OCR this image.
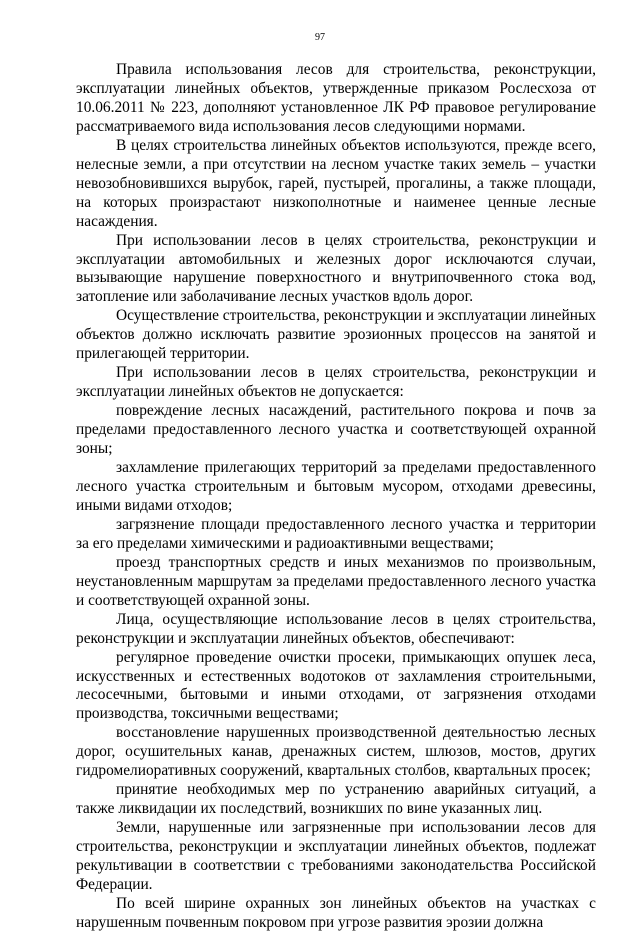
97

Правила использования лесов для строительства, реконструкции, эксплуатации линейных объектов, утвержденные приказом Рослесхоза от 10.06.2011 № 223, дополняют установленное ЛК РФ правовое регулирование рассматриваемого вида использования лесов следующими нормами.

В целях строительства линейных объектов используются, прежде всего, нелесные земли, а при отсутствии на лесном участке таких земель – участки невозобновившихся вырубок, гарей, пустырей, прогалины, а также площади, на которых произрастают низкополнотные и наименее ценные лесные насаждения.

При использовании лесов в целях строительства, реконструкции и эксплуатации автомобильных и железных дорог исключаются случаи, вызывающие нарушение поверхностного и внутрипочвенного стока вод, затопление или заболачивание лесных участков вдоль дорог.

Осуществление строительства, реконструкции и эксплуатации линейных объектов должно исключать развитие эрозионных процессов на занятой и прилегающей территории.

При использовании лесов в целях строительства, реконструкции и эксплуатации линейных объектов не допускается:

повреждение лесных насаждений, растительного покрова и почв за пределами предоставленного лесного участка и соответствующей охранной зоны;

захламление прилегающих территорий за пределами предоставленного лесного участка строительным и бытовым мусором, отходами древесины, иными видами отходов;

загрязнение площади предоставленного лесного участка и территории за его пределами химическими и радиоактивными веществами;

проезд транспортных средств и иных механизмов по произвольным, неустановленным маршрутам за пределами предоставленного лесного участка и соответствующей охранной зоны.

Лица, осуществляющие использование лесов в целях строительства, реконструкции и эксплуатации линейных объектов, обеспечивают:

регулярное проведение очистки просеки, примыкающих опушек леса, искусственных и естественных водотоков от захламления строительными, лесосечными, бытовыми и иными отходами, от загрязнения отходами производства, токсичными веществами;

восстановление нарушенных производственной деятельностью лесных дорог, осушительных канав, дренажных систем, шлюзов, мостов, других гидромелиоративных сооружений, квартальных столбов, квартальных просек;

принятие необходимых мер по устранению аварийных ситуаций, а также ликвидации их последствий, возникших по вине указанных лиц.

Земли, нарушенные или загрязненные при использовании лесов для строительства, реконструкции и эксплуатации линейных объектов, подлежат рекультивации в соответствии с требованиями законодательства Российской Федерации.

По всей ширине охранных зон линейных объектов на участках с нарушенным почвенным покровом при угрозе развития эрозии должна
